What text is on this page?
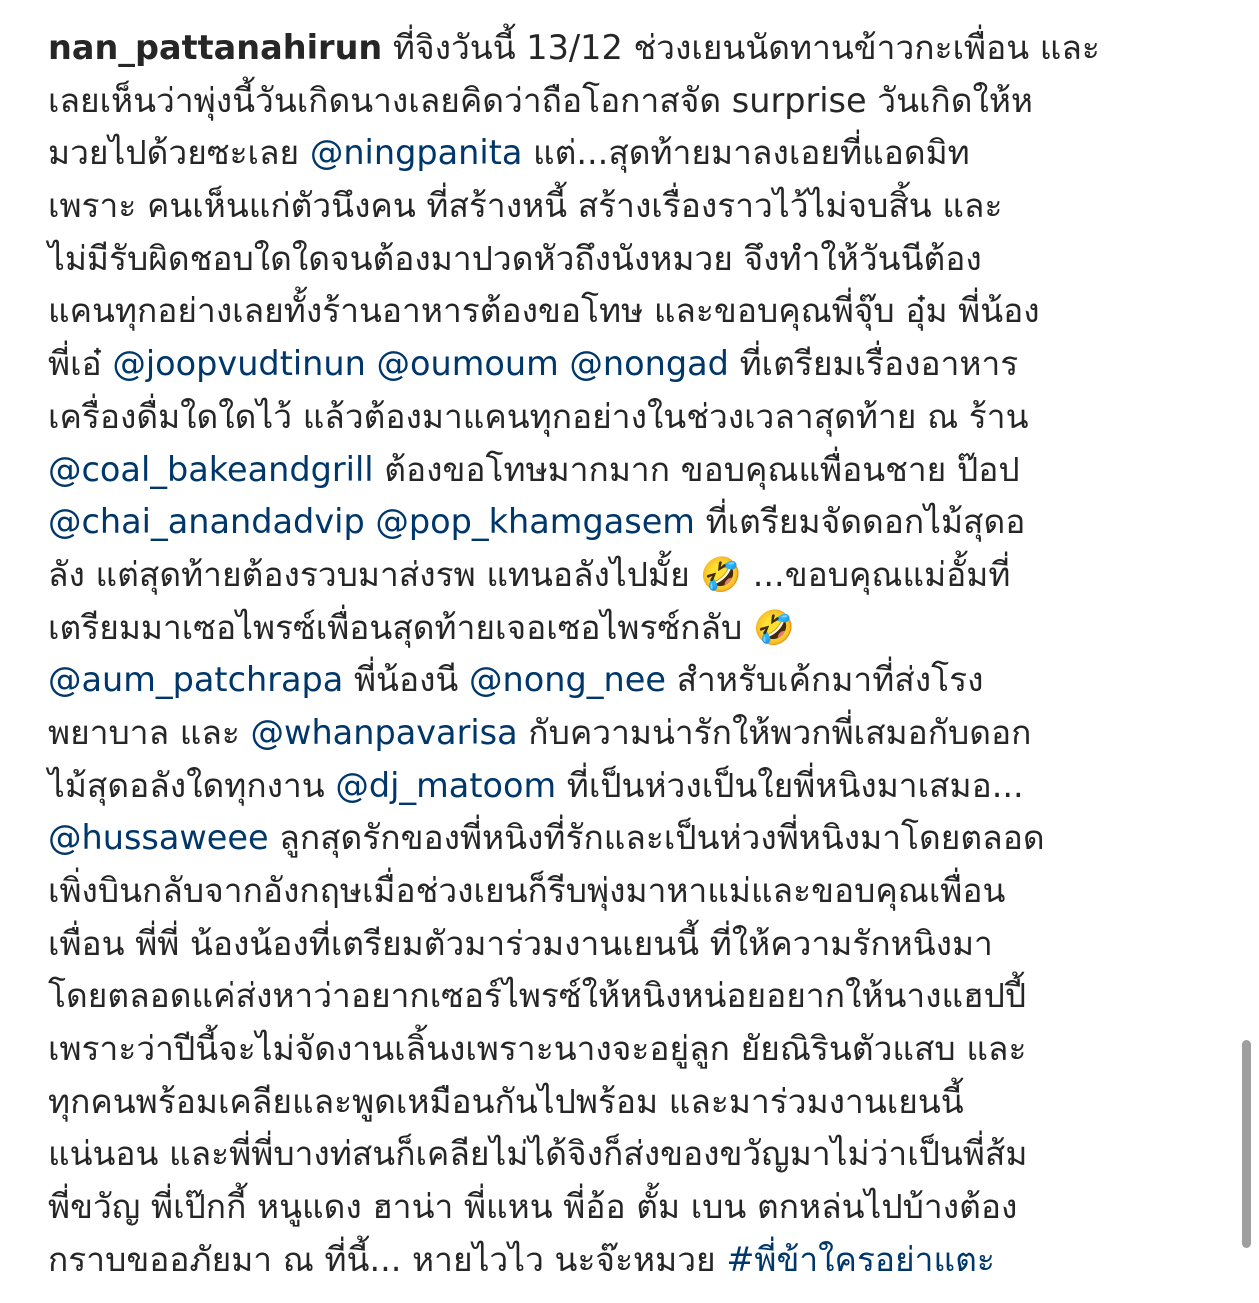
nan_pattanahirun ที่จิงวันนี้ 13/12 ช่วงเยนนัดทานข้าวกะเพื่อน และ
เลยเห็นว่าพุ่งนี้วันเกิดนางเลยคิดว่าถือโอกาสจัด surprise วันเกิดให้ห
มวยไปด้วยซะเลย @ningpanita แต่...สุดท้ายมาลงเอยที่แอดมิท
เพราะ คนเห็นแก่ตัวนึงคน ที่สร้างหนี้ สร้างเรื่องราวไว้ไม่จบสิ้น และ
ไม่มีรับผิดชอบใดใดจนต้องมาปวดหัวถึงนังหมวย จึงทำให้วันนีต้อง
แคนทุกอย่างเลยทั้งร้านอาหารต้องขอโทษ และขอบคุณพี่จุ๊บ อุ๋ม พี่น้อง
พี่เอ๋ @joopvudtinun @oumoum @nongad ที่เตรียมเรื่องอาหาร
เครื่องดื่มใดใดไว้ แล้วต้องมาแคนทุกอย่างในช่วงเวลาสุดท้าย ณ ร้าน
@coal_bakeandgrill ต้องขอโทษมากมาก ขอบคุณแพื่อนชาย ป๊อป
@chai_anandadvip @pop_khamgasem ที่เตรียมจัดดอกไม้สุดอ
ลัง แต่สุดท้ายต้องรวบมาส่งรพ แทนอลังไปมั้ย 🤣 ...ขอบคุณแม่อั้มที่
เตรียมมาเซอไพรซ์เพื่อนสุดท้ายเจอเซอไพรซ์กลับ 🤣
@aum_patchrapa พี่น้องนี @nong_nee สำหรับเค้กมาที่ส่งโรง
พยาบาล และ @whanpavarisa กับความน่ารักให้พวกพี่เสมอกับดอก
ไม้สุดอลังใดทุกงาน @dj_matoom ที่เป็นห่วงเป็นใยพี่หนิงมาเสมอ...
@hussaweee ลูกสุดรักของพี่หนิงที่รักและเป็นห่วงพี่หนิงมาโดยตลอด
เพิ่งบินกลับจากอังกฤษเมื่อช่วงเยนก็รีบพุ่งมาหาแม่และขอบคุณเพื่อน
เพื่อน พี่พี่ น้องน้องที่เตรียมตัวมาร่วมงานเยนนี้ ที่ให้ความรักหนิงมา
โดยตลอดแค่ส่งหาว่าอยากเซอร์ไพรซ์ให้หนิงหน่อยอยากให้นางแฮปปี้
เพราะว่าปีนี้จะไม่จัดงานเลิ้นงเพราะนางจะอยู่ลูก ยัยณิรินตัวแสบ และ
ทุกคนพร้อมเคลียและพูดเหมือนกันไปพร้อม และมาร่วมงานเยนนี้
แน่นอน และพี่พี่บางท่สนก็เคลียไม่ได้จิงก็ส่งของขวัญมาไม่ว่าเป็นพี่ส้ม
พี่ขวัญ พี่เป๊กกี้ หนูแดง ฮาน่า พี่แหน พี่อ้อ ตั้ม เบน ตกหล่นไปบ้างต้อง
กราบขออภัยมา ณ ที่นี้... หายไวไว นะจ๊ะหมวย #พี่ข้าใครอย่าแตะ
